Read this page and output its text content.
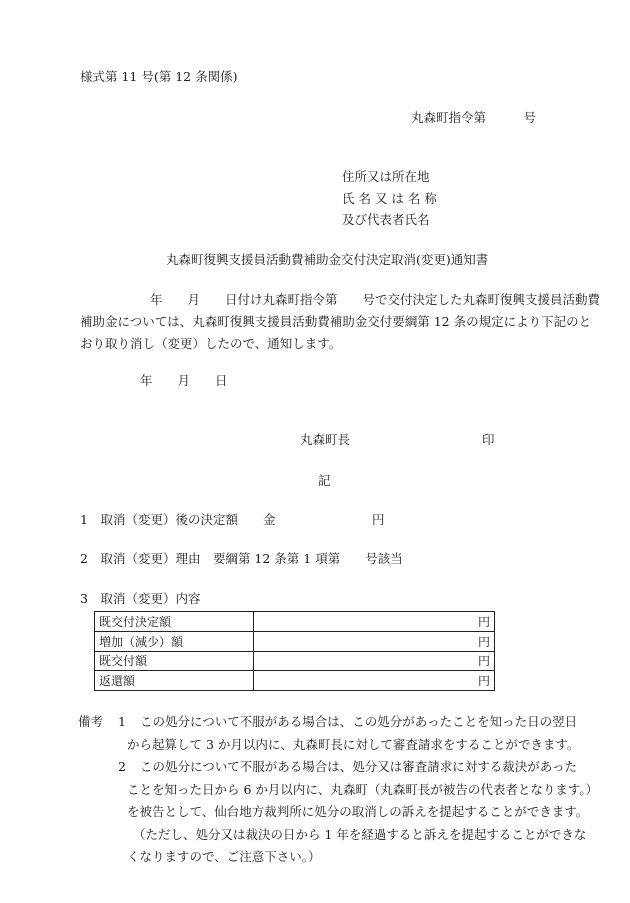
様式第 11 号(第 12 条関係)
丸森町指令第　　　号
住所又は所在地
氏 名 又 は 名 称
及び代表者氏名
丸森町復興支援員活動費補助金交付決定取消(変更)通知書
　　年　　月　　日付け丸森町指令第　　号で交付決定した丸森町復興支援員活動費
補助金については、丸森町復興支援員活動費補助金交付要綱第 12 条の規定により下記のと
おり取り消し（変更）したので、通知します。
年　　月　　日
丸森町長	印
記
1　取消（変更）後の決定額 金	円
2　取消（変更）理由　要綱第 12 条第 1 項第　　号該当
3　取消（変更）内容
既交付決定額	円
増加（減少）額	円
既交付額	円
返還額	円
備考 1 この処分について不服がある場合は、この処分があったことを知った日の翌日
から起算して 3 か月以内に、丸森町長に対して審査請求をすることができます。
2 この処分について不服がある場合は、処分又は審査請求に対する裁決があった

ことを知った日から 6 か月以内に、丸森町（丸森町長が被告の代表者となります。）
を被告として、仙台地方裁判所に処分の取消しの訴えを提起することができます。
（ただし、処分又は裁決の日から 1 年を経過すると訴えを提起することができな
くなりますので、ご注意下さい。）
